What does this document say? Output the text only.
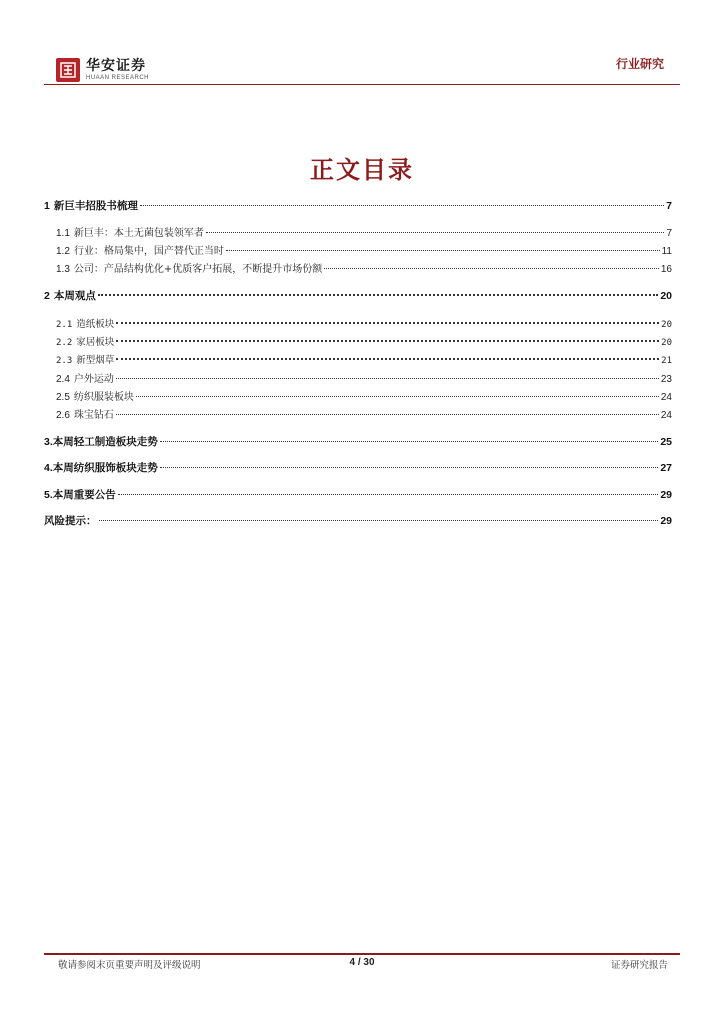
华安证券
HUAAN RESEARCH
行业研究
正文目录
1 新巨丰招股书梳理	7
1.1 新巨丰：本土无菌包装领军者	7
1.2 行业：格局集中，国产替代正当时	11
1.3 公司：产品结构优化+优质客户拓展，不断提升市场份额	16
2 本周观点	20
2.1 造纸板块	20
2.2 家居板块	20
2.3 新型烟草	21
2.4 户外运动	23
2.5 纺织服装板块	24
2.6 珠宝钻石	24
3. 本周轻工制造板块走势	25
4. 本周纺织服饰板块走势	27
5. 本周重要公告	29
风险提示：	29
敬请参阅末页重要声明及评级说明	4 / 30	证券研究报告
